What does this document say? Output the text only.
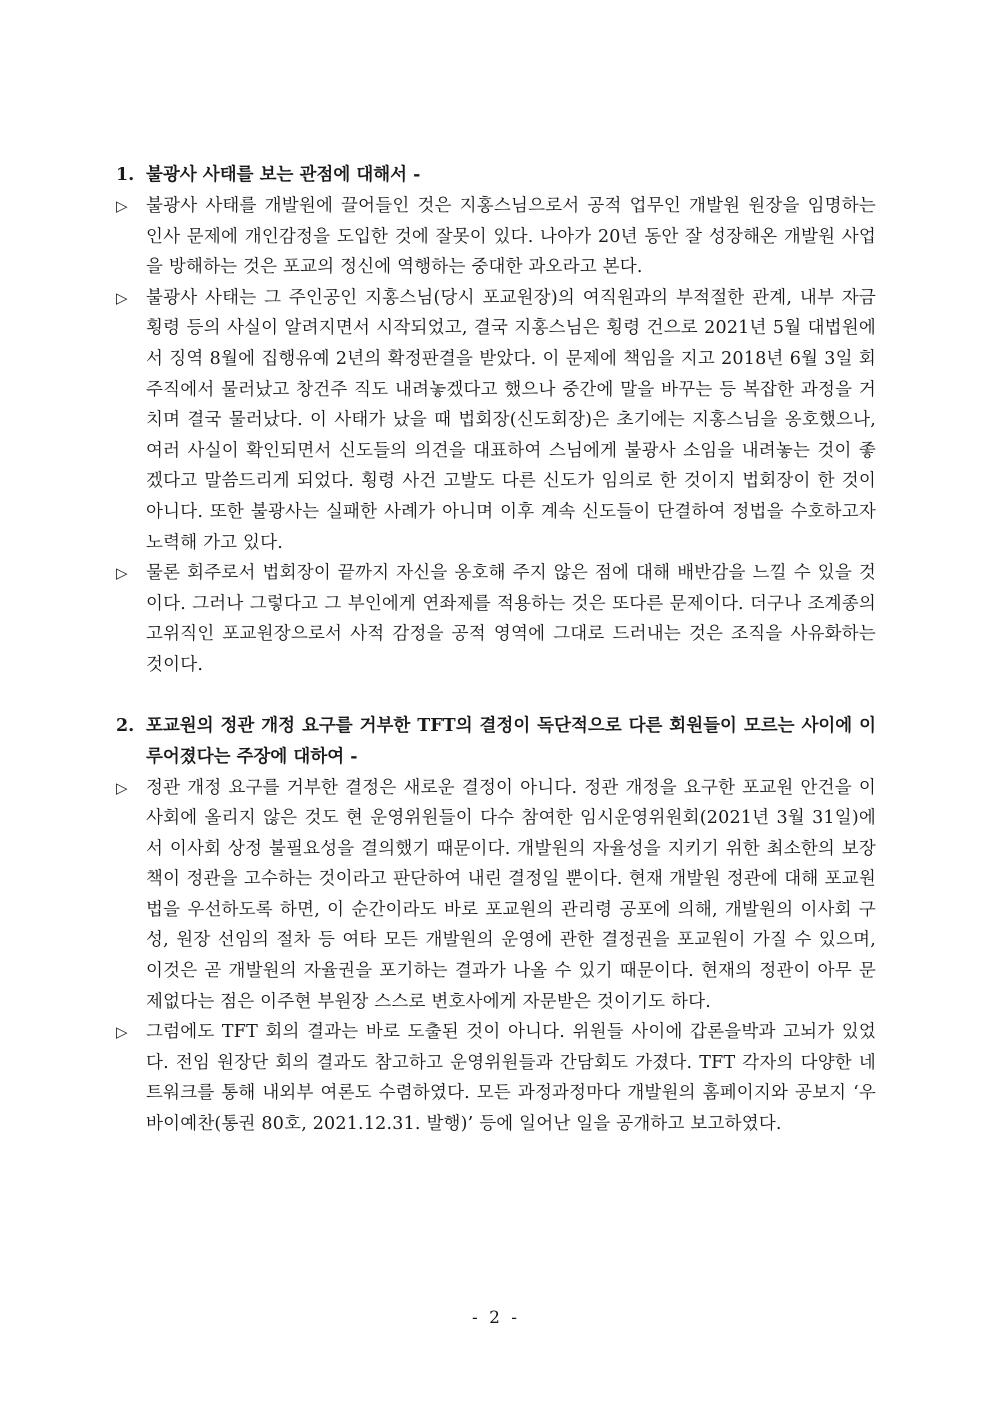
1. 불광사 사태를 보는 관점에 대해서 -
▷	불광사 사태를 개발원에 끌어들인 것은 지홍스님으로서 공적 업무인 개발원 원장을 임명하는 인사 문제에 개인감정을 도입한 것에 잘못이 있다. 나아가 20년 동안 잘 성장해온 개발원 사업을 방해하는 것은 포교의 정신에 역행하는 중대한 과오라고 본다.
▷	불광사 사태는 그 주인공인 지홍스님(당시 포교원장)의 여직원과의 부적절한 관계, 내부 자금 횡령 등의 사실이 알려지면서 시작되었고, 결국 지홍스님은 횡령 건으로 2021년 5월 대법원에서 징역 8월에 집행유예 2년의 확정판결을 받았다. 이 문제에 책임을 지고 2018년 6월 3일 회주직에서 물러났고 창건주 직도 내려놓겠다고 했으나 중간에 말을 바꾸는 등 복잡한 과정을 거치며 결국 물러났다. 이 사태가 났을 때 법회장(신도회장)은 초기에는 지홍스님을 옹호했으나, 여러 사실이 확인되면서 신도들의 의견을 대표하여 스님에게 불광사 소임을 내려놓는 것이 좋겠다고 말씀드리게 되었다. 횡령 사건 고발도 다른 신도가 임의로 한 것이지 법회장이 한 것이 아니다. 또한 불광사는 실패한 사례가 아니며 이후 계속 신도들이 단결하여 정법을 수호하고자 노력해 가고 있다.
▷	물론 회주로서 법회장이 끝까지 자신을 옹호해 주지 않은 점에 대해 배반감을 느낄 수 있을 것이다. 그러나 그렇다고 그 부인에게 연좌제를 적용하는 것은 또다른 문제이다. 더구나 조계종의 고위직인 포교원장으로서 사적 감정을 공적 영역에 그대로 드러내는 것은 조직을 사유화하는 것이다.
2. 포교원의 정관 개정 요구를 거부한 TFT의 결정이 독단적으로 다른 회원들이 모르는 사이에 이루어졌다는 주장에 대하여 -
▷	정관 개정 요구를 거부한 결정은 새로운 결정이 아니다. 정관 개정을 요구한 포교원 안건을 이사회에 올리지 않은 것도 현 운영위원들이 다수 참여한 임시운영위원회(2021년 3월 31일)에서 이사회 상정 불필요성을 결의했기 때문이다. 개발원의 자율성을 지키기 위한 최소한의 보장책이 정관을 고수하는 것이라고 판단하여 내린 결정일 뿐이다. 현재 개발원 정관에 대해 포교원 법을 우선하도록 하면, 이 순간이라도 바로 포교원의 관리령 공포에 의해, 개발원의 이사회 구성, 원장 선임의 절차 등 여타 모든 개발원의 운영에 관한 결정권을 포교원이 가질 수 있으며, 이것은 곧 개발원의 자율권을 포기하는 결과가 나올 수 있기 때문이다. 현재의 정관이 아무 문제없다는 점은 이주현 부원장 스스로 변호사에게 자문받은 것이기도 하다.
▷	그럼에도 TFT 회의 결과는 바로 도출된 것이 아니다. 위원들 사이에 갑론을박과 고뇌가 있었다. 전임 원장단 회의 결과도 참고하고 운영위원들과 간담회도 가졌다. TFT 각자의 다양한 네트워크를 통해 내외부 여론도 수렴하였다. 모든 과정과정마다 개발원의 홈페이지와 공보지 ‘우바이예찬(통권 80호, 2021.12.31. 발행)’ 등에 일어난 일을 공개하고 보고하였다.
- 2 -
